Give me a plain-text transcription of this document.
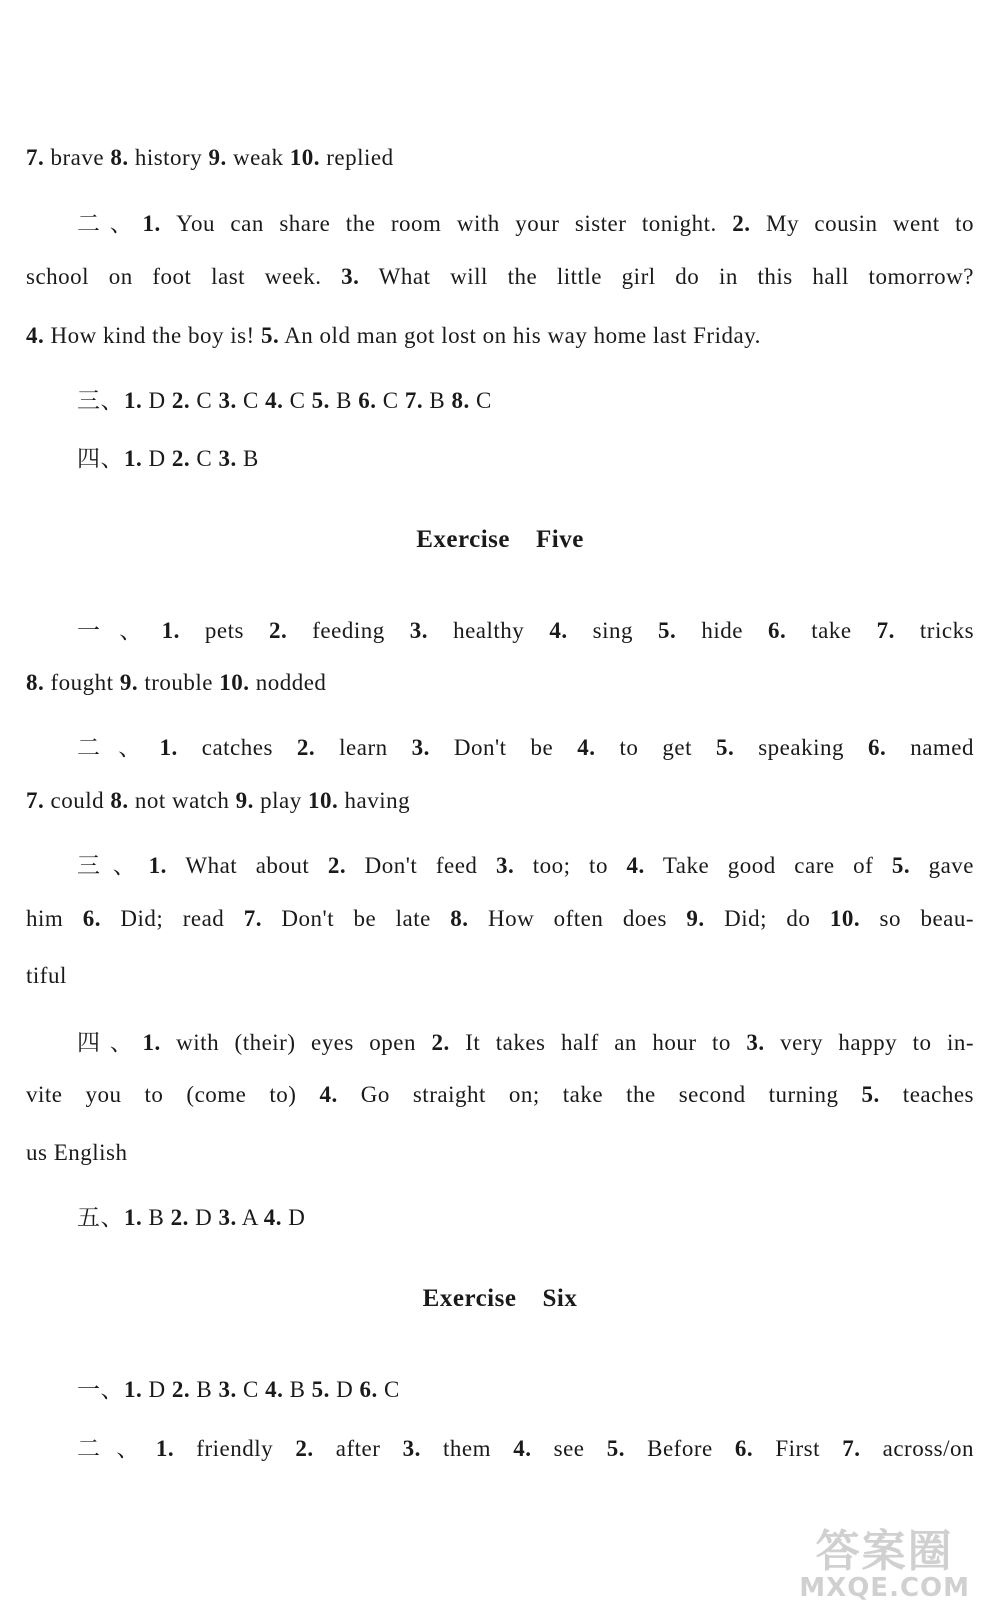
7. brave 8. history 9. weak 10. replied
二、1. You can share the room with your sister tonight. 2. My cousin went to
school on foot last week. 3. What will the little girl do in this hall tomorrow?
4. How kind the boy is! 5. An old man got lost on his way home last Friday.
三、1. D 2. C 3. C 4. C 5. B 6. C 7. B 8. C
四、1. D 2. C 3. B
Exercise Five
一、1. pets 2. feeding 3. healthy 4. sing 5. hide 6. take 7. tricks
8. fought 9. trouble 10. nodded
二、1. catches 2. learn 3. Don't be 4. to get 5. speaking 6. named
7. could 8. not watch 9. play 10. having
三、1. What about 2. Don't feed 3. too; to 4. Take good care of 5. gave
him 6. Did; read 7. Don't be late 8. How often does 9. Did; do 10. so beau-
tiful
四、1. with (their) eyes open 2. It takes half an hour to 3. very happy to in-
vite you to (come to) 4. Go straight on; take the second turning 5. teaches
us English
五、1. B 2. D 3. A 4. D
Exercise Six
一、1. D 2. B 3. C 4. B 5. D 6. C
二、1. friendly 2. after 3. them 4. see 5. Before 6. First 7. across/on
答案圈
MXQE.COM
